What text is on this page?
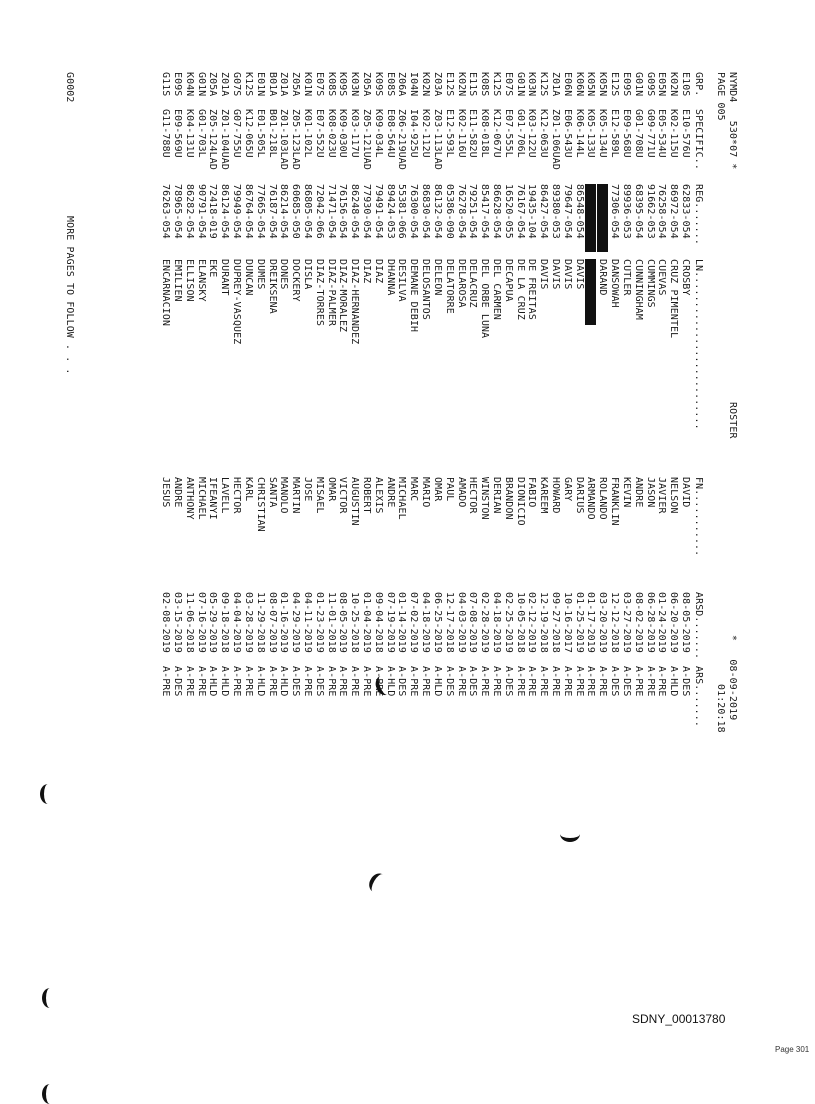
NYMD4   530*07 *

ROSTER

*   08-09-2019

PAGE 005

01:20:18

GRP.

SPECIFIC..

REG.......

LN..........................

FN...........

ARSD.......

ARS.......

E10S
E10-576U
62833-054
CROSBY
DAVID
08-05-2019
A-DES
K02N
K02-115U
86972-054
CRUZ PIMENTEL
NELSON
06-20-2019
A-HLD
E05N
E05-534U
76258-054
CUEVAS
JAVIER
01-24-2019
A-PRE
G09S
G09-771U
91662-053
CUMMINGS
JASON
06-28-2019
A-PRE
G01N
G01-708U
68395-054
CUNNINGHAM
ANDRE
08-02-2019
A-PRE
E09S
E09-568U
89936-053
CUTLER
KEVIN
03-27-2019
A-DES
E12S
E12-589L
77306-054
DANSOWAH
FRANKLIN
12-12-2018
A-DES
K05N
K05-134U
DARAND
ROLANDO
03-20-2019
A-PRE
K05N
K05-133U
ARMANDO
01-17-2019
A-PRE
K06N
K06-144L
86548-054
DAVIS
DARIUS
01-25-2019
A-PRE
E06N
E06-543U
79647-054
DAVIS
GARY
10-16-2017
A-PRE
Z01A
Z01-106UAD
89380-053
DAVIS
HOWARD
09-27-2018
A-PRE
K12S
K12-063U
86427-054
DAVIS
KAREEM
12-19-2018
A-PRE
K03N
K03-122U
19435-104
DE FREITAS
FABIO
02-12-2019
A-PRE
G01N
G01-706L
76167-054
DE LA CRUZ
DIONICIO
10-05-2018
A-PRE
E07S
E07-555L
16520-055
DECAPUA
BRANDON
02-25-2019
A-DES
K12S
K12-067U
86628-054
DEL CARMEN
DERIAN
04-18-2019
A-PRE
K08S
K08-018L
85417-054
DEL ORBE LUNA
WINSTON
02-28-2019
A-PRE
E11S
E11-582U
79251-054
DELACRUZ
HECTOR
07-08-2019
A-DES
K02N
K02-116U
76278-054
DELAROSA
AMADO
04-03-2019
A-PRE
E12S
E12-593L
05386-090
DELATORRE
PAUL
12-17-2018
A-DES
Z03A
Z03-113LAD
86132-054
DELEON
OMAR
06-25-2019
A-HLD
K02N
K02-112U
86830-054
DELOSANTOS
MARIO
04-18-2019
A-PRE
I04N
I04-925U
76300-054
DEMANE DEBIH
MARC
07-02-2019
A-PRE
Z06A
Z06-219UAD
55381-066
DESILVA
MICHAEL
01-14-2019
A-DES
E08S
E08-564U
89424-053
DHANNA
ANDRE
07-19-2019
A-HLD
K09S
K09-034L
79491-054
DIAZ
ALEXIS
09-04-2018
A-PRE
Z05A
Z05-121UAD
77930-054
DIAZ
ROBERT
01-04-2019
A-PRE
K03N
K03-117U
86248-054
DIAZ-HERNANDEZ
AUGUSTIN
10-25-2018
A-PRE
K09S
K09-030U
76156-054
DIAZ-MORALEZ
VICTOR
08-05-2019
A-PRE
K08S
K08-023U
71471-054
DIAZ-PALMER
OMAR
11-01-2018
A-PRE
E07S
E07-552U
72042-066
DIAZ-TORRES
MISAEL
01-23-2019
A-DES
K01N
K01-102L
86805-054
DISLA
JOSE
04-11-2019
A-PRE
Z05A
Z05-123LAD
60685-050
DOCKERY
MARTIN
04-29-2019
A-DES
Z01A
Z01-103LAD
86214-054
DONES
MANOLO
01-16-2019
A-HLD
B01A
B01-218L
76187-054
DREIKSENA
SANTA
08-07-2019
A-PRE
E01N
E01-505L
77665-054
DUMES
CHRISTIAN
11-29-2018
A-HLD
K12S
K12-065U
86764-054
DUNCAN
KARL
03-28-2019
A-PRE
G07S
G07-755U
79949-054
DUPREY-VASQUEZ
HECTOR
04-04-2019
A-PRE
Z01A
Z01-104UAD
86124-054
DURANT
LAVELL
09-18-2018
A-HLD
Z05A
Z05-124LAD
72418-019
EKE
IFEANYI
05-29-2019
A-HLD
G01N
G01-703L
90791-054
ELANSKY
MICHAEL
07-16-2019
A-PRE
K04N
K04-131U
86282-054
ELLISON
ANTHONY
11-06-2018
A-PRE
E09S
E09-569U
78965-054
EMILIEN
ANDRE
03-15-2019
A-DES
G11S
G11-788U
76263-054
ENCARNACION
JESUS
02-08-2019
A-PRE

G0002

MORE PAGES TO FOLLOW . . .

SDNY_00013780
Page 301
